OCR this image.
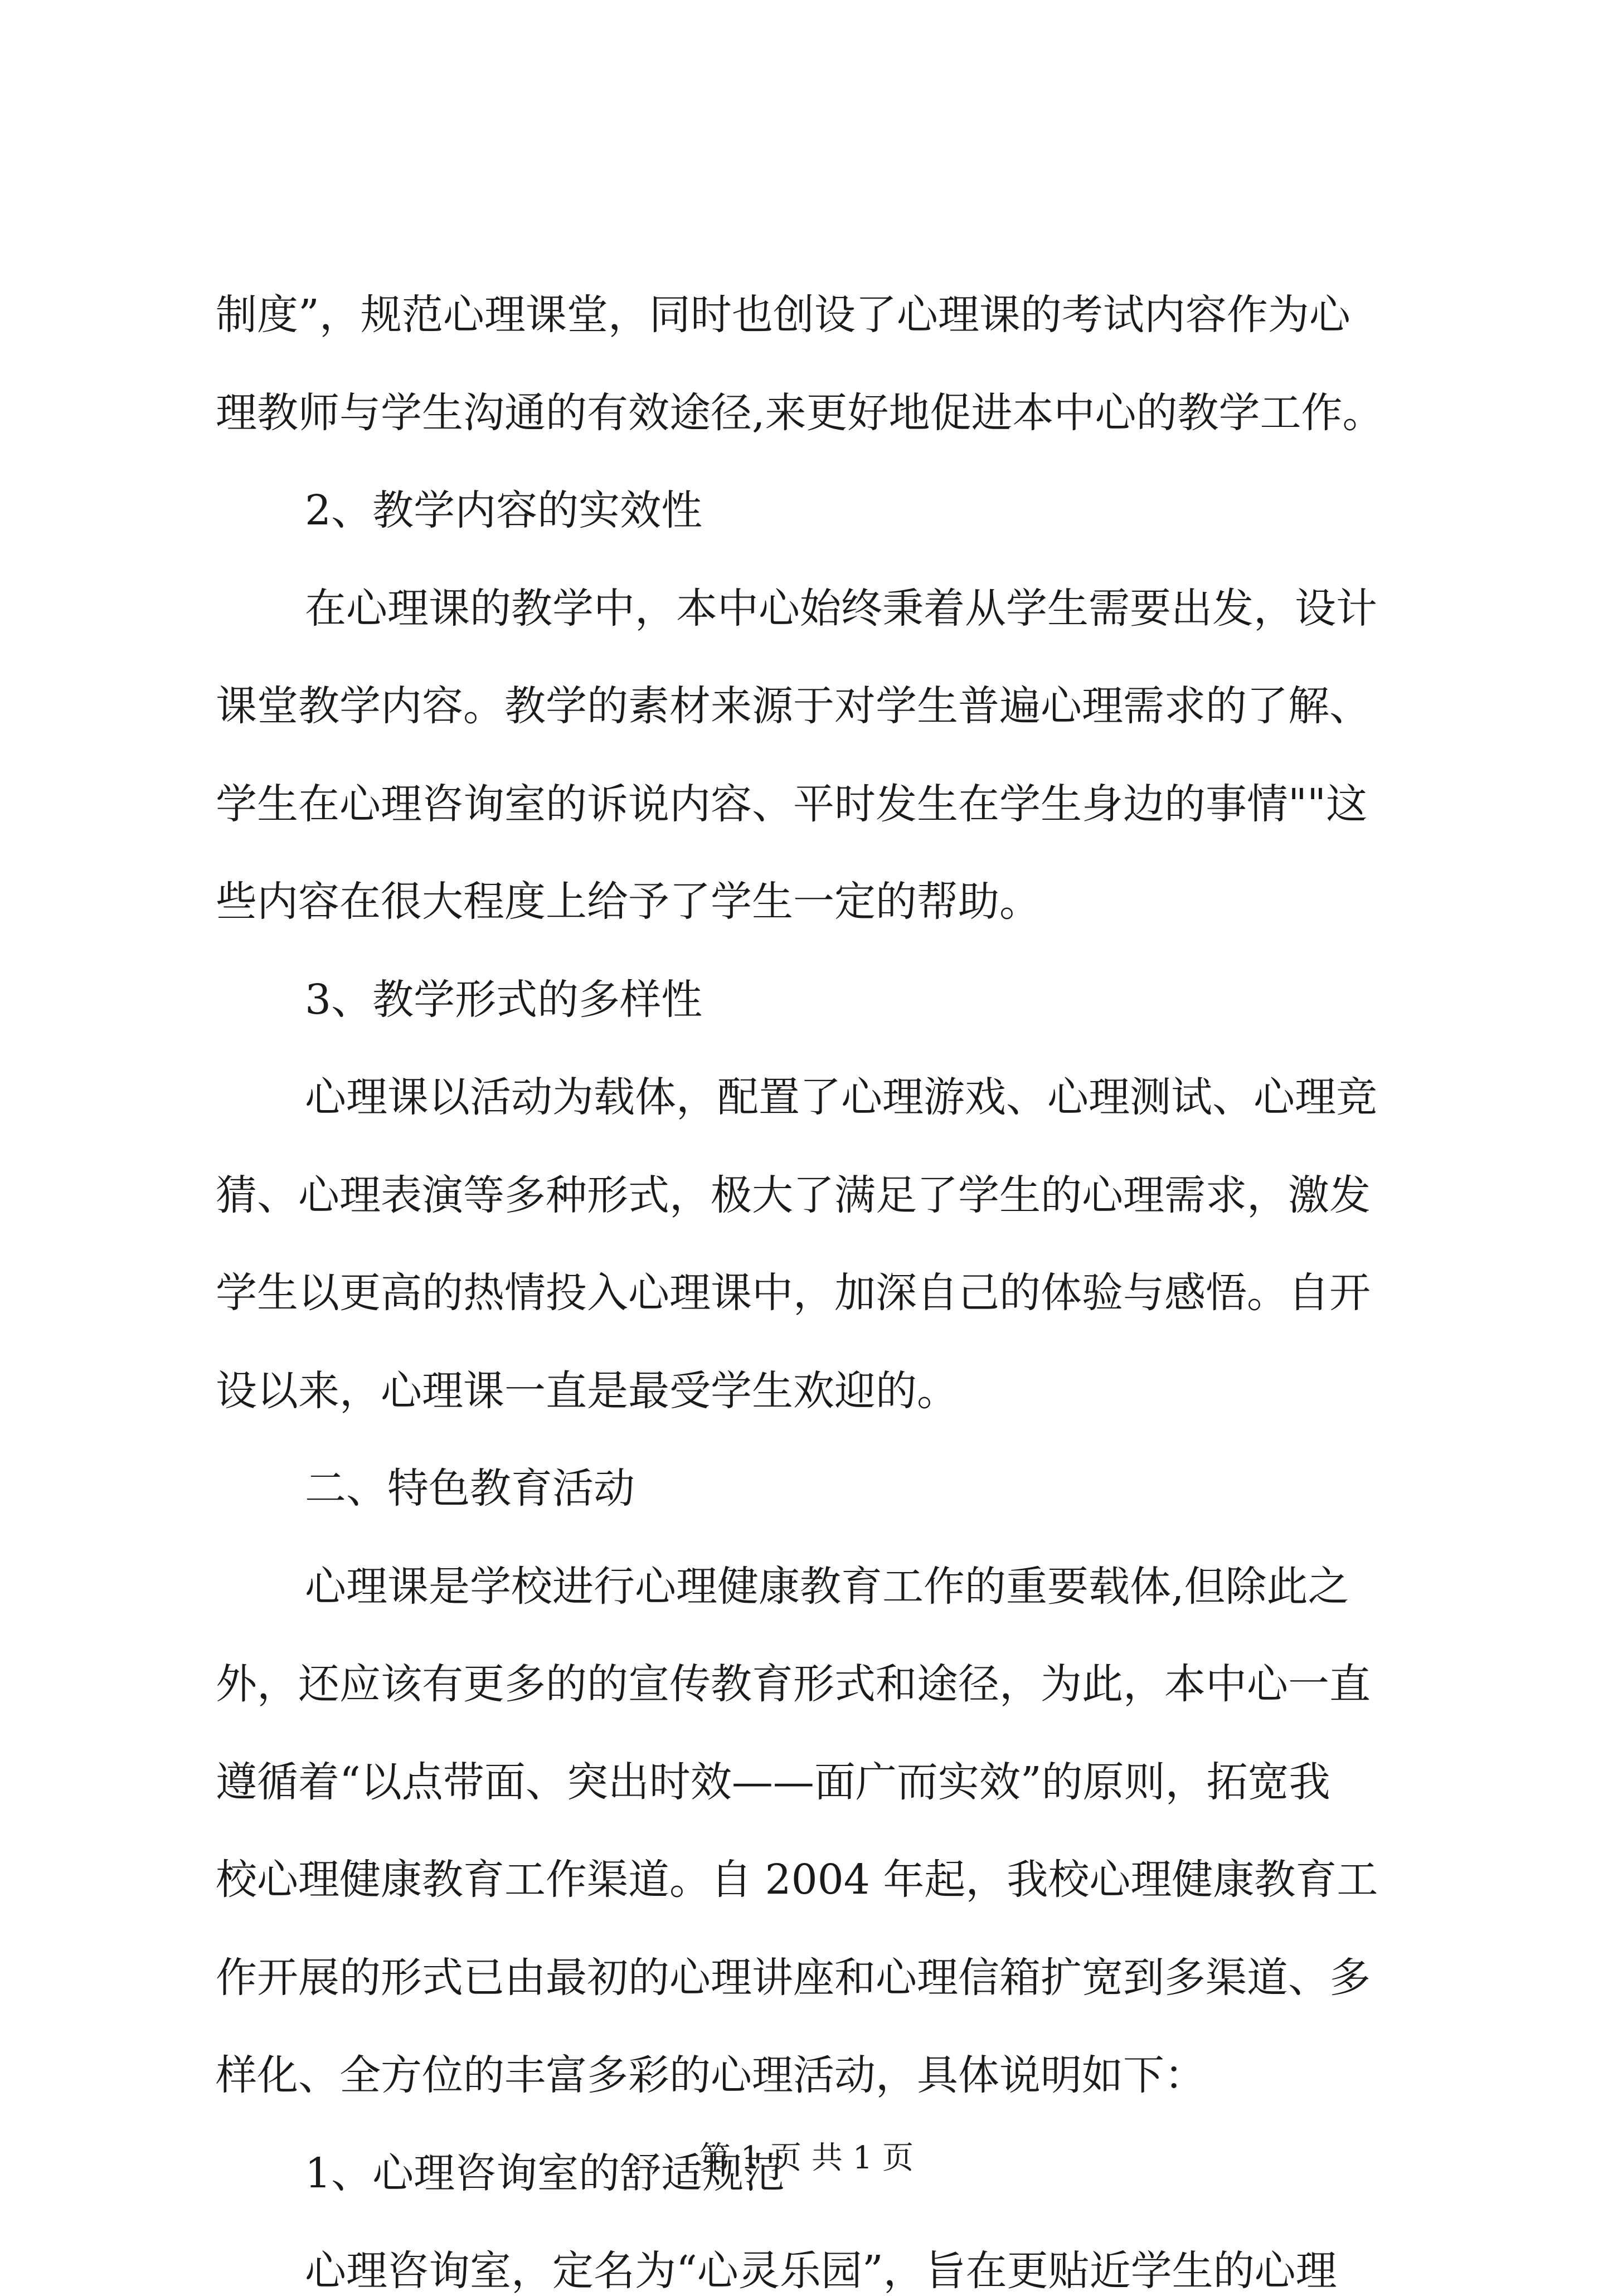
制度”，规范心理课堂，同时也创设了心理课的考试内容作为心
理教师与学生沟通的有效途径,来更好地促进本中心的教学工作。
2、教学内容的实效性
在心理课的教学中，本中心始终秉着从学生需要出发，设计
课堂教学内容。教学的素材来源于对学生普遍心理需求的了解、
学生在心理咨询室的诉说内容、平时发生在学生身边的事情""这
些内容在很大程度上给予了学生一定的帮助。
3、教学形式的多样性
心理课以活动为载体，配置了心理游戏、心理测试、心理竞
猜、心理表演等多种形式，极大了满足了学生的心理需求，激发
学生以更高的热情投入心理课中，加深自己的体验与感悟。自开
设以来，心理课一直是最受学生欢迎的。
二、特色教育活动
心理课是学校进行心理健康教育工作的重要载体,但除此之
外，还应该有更多的的宣传教育形式和途径，为此，本中心一直
遵循着“以点带面、突出时效——面广而实效”的原则，拓宽我
校心理健康教育工作渠道。自 2004 年起，我校心理健康教育工
作开展的形式已由最初的心理讲座和心理信箱扩宽到多渠道、多
样化、全方位的丰富多彩的心理活动，具体说明如下：
1、心理咨询室的舒适规范
心理咨询室，定名为“心灵乐园”，旨在更贴近学生的心理
第 1 页 共 1 页
